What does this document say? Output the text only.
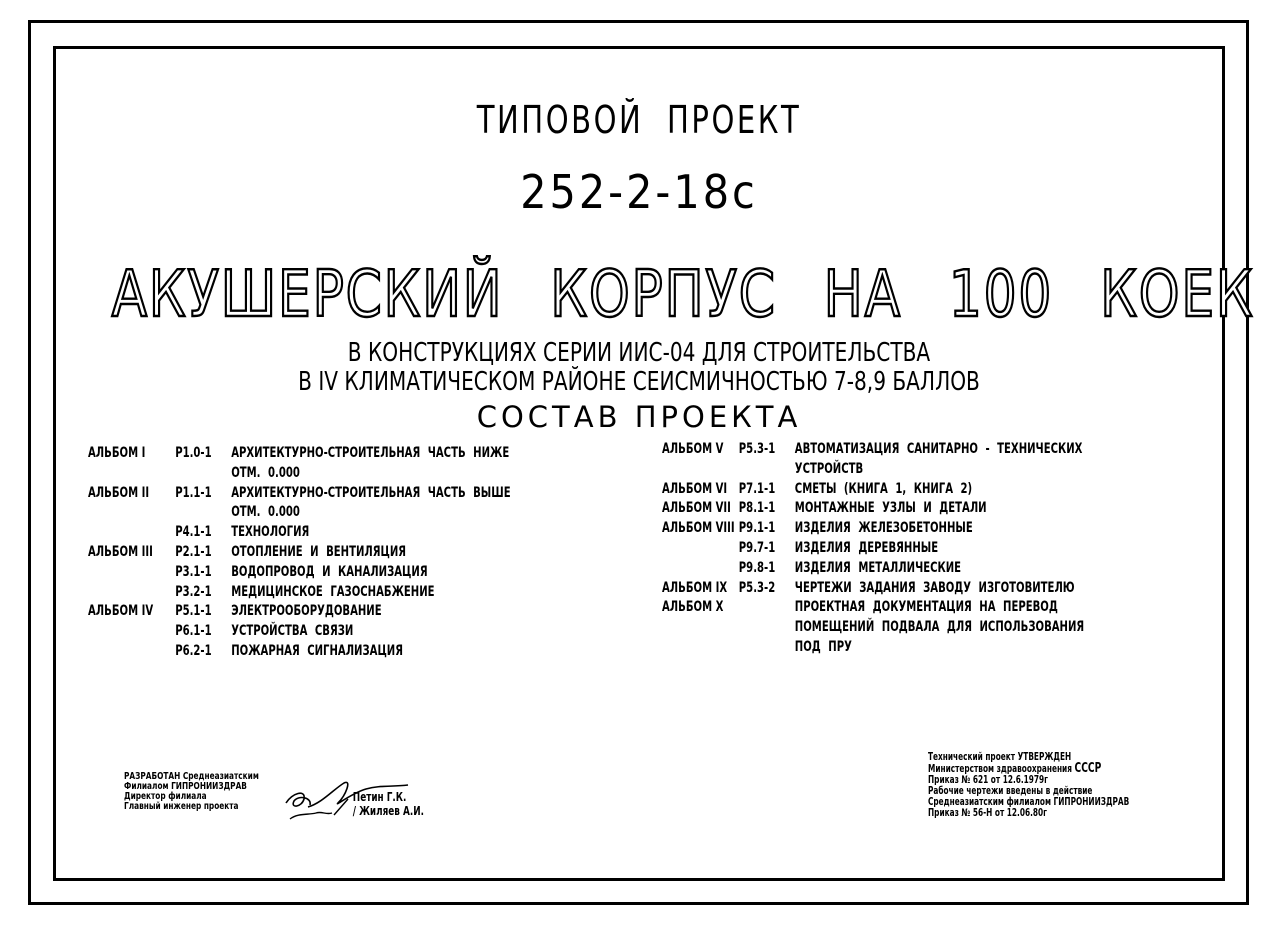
ТИПОВОЙ ПРОЕКТ
252-2-18с
АКУШЕРСКИЙ КОРПУС НА 100 КОЕК
В КОНСТРУКЦИЯХ СЕРИИ ИИС-04 ДЛЯ СТРОИТЕЛЬСТВА
В IV КЛИМАТИЧЕСКОМ РАЙОНЕ СЕИСМИЧНОСТЬЮ 7-8,9 БАЛЛОВ
СОСТАВ ПРОЕКТА
АЛЬБОМ I	Р1.0-1	АРХИТЕКТУРНО-СТРОИТЕЛЬНАЯ ЧАСТЬ НИЖЕ
ОТМ. 0.000
АЛЬБОМ II	Р1.1-1	АРХИТЕКТУРНО-СТРОИТЕЛЬНАЯ ЧАСТЬ ВЫШЕ
ОТМ. 0.000
Р4.1-1	ТЕХНОЛОГИЯ
АЛЬБОМ III	Р2.1-1	ОТОПЛЕНИЕ И ВЕНТИЛЯЦИЯ
Р3.1-1	ВОДОПРОВОД И КАНАЛИЗАЦИЯ
Р3.2-1	МЕДИЦИНСКОЕ ГАЗОСНАБЖЕНИЕ
АЛЬБОМ IV	Р5.1-1	ЭЛЕКТРООБОРУДОВАНИЕ
Р6.1-1	УСТРОЙСТВА СВЯЗИ
Р6.2-1	ПОЖАРНАЯ СИГНАЛИЗАЦИЯ
АЛЬБОМ V	Р5.3-1	АВТОМАТИЗАЦИЯ САНИТАРНО - ТЕХНИЧЕСКИХ
УСТРОЙСТВ
АЛЬБОМ VI Р7.1-1	СМЕТЫ (КНИГА 1, КНИГА 2)
АЛЬБОМ VII Р8.1-1	МОНТАЖНЫЕ УЗЛЫ И ДЕТАЛИ
АЛЬБОМ VIII Р9.1-1	ИЗДЕЛИЯ ЖЕЛЕЗОБЕТОННЫЕ
Р9.7-1	ИЗДЕЛИЯ ДЕРЕВЯННЫЕ
Р9.8-1	ИЗДЕЛИЯ МЕТАЛЛИЧЕСКИЕ
АЛЬБОМ IX Р5.3-2	ЧЕРТЕЖИ ЗАДАНИЯ ЗАВОДУ ИЗГОТОВИТЕЛЮ
АЛЬБОМ X	ПРОЕКТНАЯ ДОКУМЕНТАЦИЯ НА ПЕРЕВОД
ПОМЕЩЕНИЙ ПОДВАЛА ДЛЯ ИСПОЛЬЗОВАНИЯ
ПОД ПРУ
РАЗРАБОТАН Среднеазиатским
Филиалом ГИПРОНИИЗДРАВ
Директор филиала
Главный инженер проекта
Петин Г.К.
/ Жиляев А.И.
Технический проект УТВЕРЖДЕН
Министерством здравоохранения СССР
Приказ № 621 от 12.6.1979г
Рабочие чертежи введены в действие
Среднеазиатским филиалом ГИПРОНИИЗДРАВ
Приказ № 56-Н от 12.06.80г
